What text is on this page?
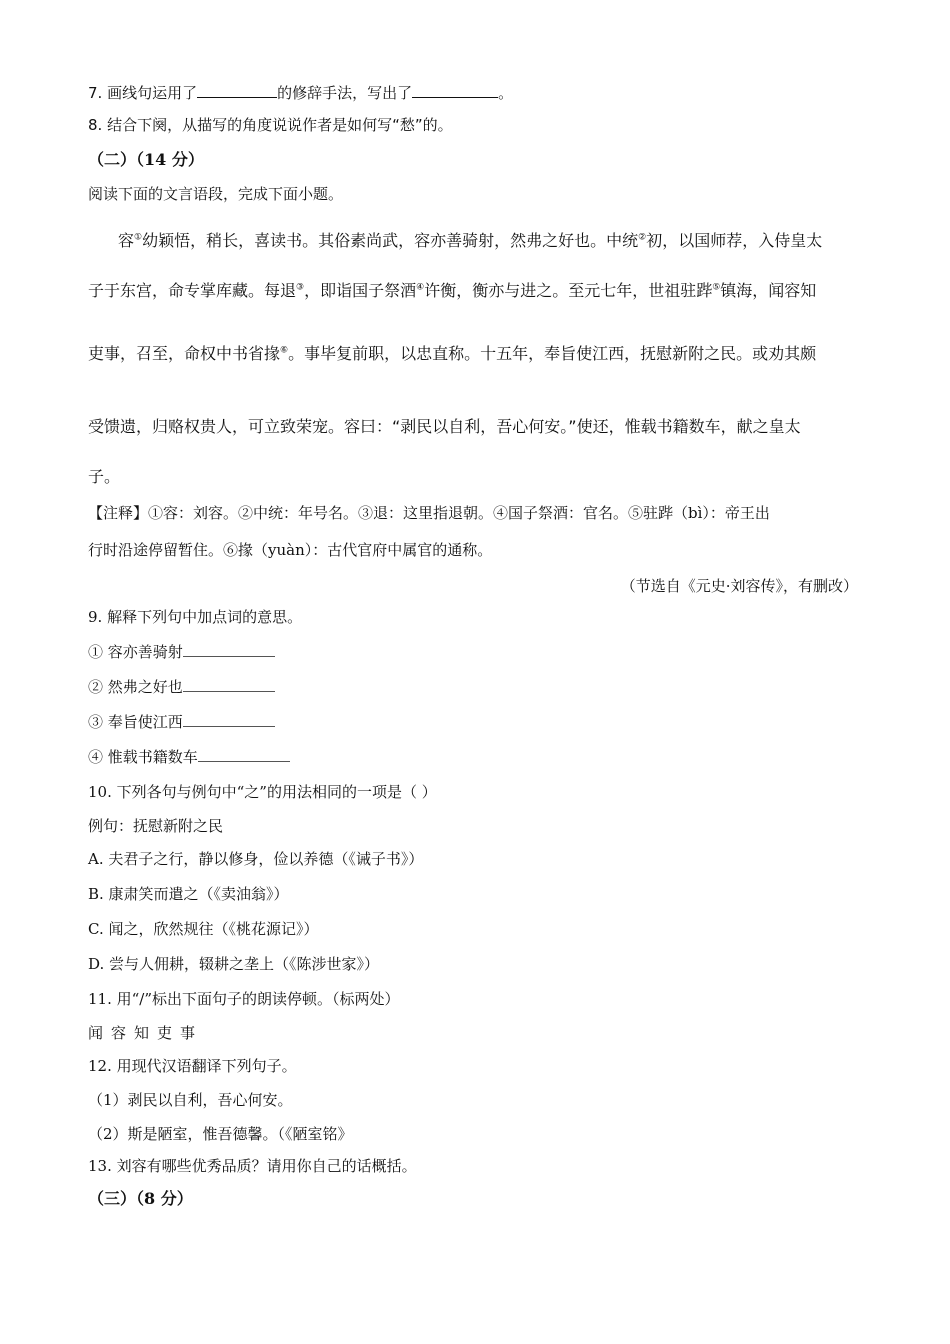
7. 画线句运用了	的修辞手法，写出了	。
8. 结合下阕，从描写的角度说说作者是如何写“愁”的。
（二）（14 分）
阅读下面的文言语段，完成下面小题。
容①幼颖悟，稍长，喜读书。其俗素尚武，容亦善骑射，然弗之好也。中统②初，以国师荐，入侍皇太
子于东宫，命专掌库藏。每退③，即诣国子祭酒④许衡，衡亦与进之。至元七年，世祖驻跸⑤镇海，闻容知
吏事，召至，命权中书省掾⑥。事毕复前职，以忠直称。十五年，奉旨使江西，抚慰新附之民。或劝其颇
受馈遗，归赂权贵人，可立致荣宠。容曰：“剥民以自利，吾心何安。”使还，惟载书籍数车，献之皇太
子。
【注释】①容：刘容。②中统：年号名。③退：这里指退朝。④国子祭酒：官名。⑤驻跸（bì）：帝王出
行时沿途停留暂住。⑥掾（yuàn）：古代官府中属官的通称。
（节选自《元史·刘容传》，有删改）
9. 解释下列句中加点词的意思。
① 容亦善骑射
② 然弗之好也
③ 奉旨使江西
④ 惟载书籍数车
10. 下列各句与例句中“之”的用法相同的一项是（ ）
例句：抚慰新附之民
A. 夫君子之行，静以修身，俭以养德（《诫子书》）
B. 康肃笑而遣之（《卖油翁》）
C. 闻之，欣然规往（《桃花源记》）
D. 尝与人佣耕，辍耕之垄上（《陈涉世家》）
11. 用“/”标出下面句子的朗读停顿。（标两处）
闻容知吏事
12. 用现代汉语翻译下列句子。
（1）剥民以自利，吾心何安。
（2）斯是陋室，惟吾德馨。（《陋室铭》
13. 刘容有哪些优秀品质？请用你自己的话概括。
（三）（8 分）
